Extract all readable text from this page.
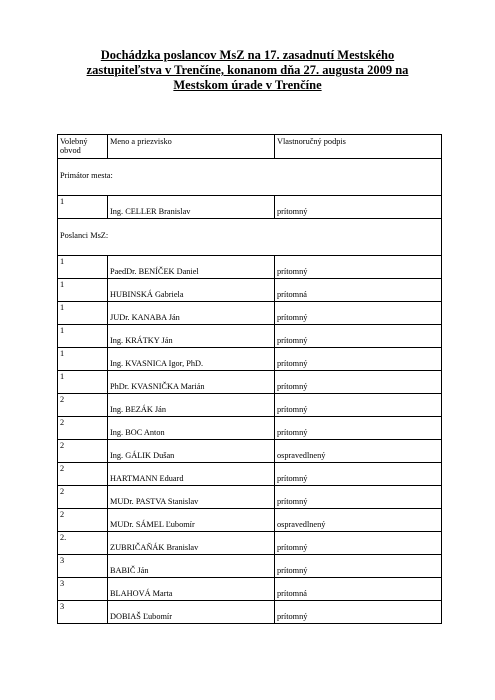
Dochádzka poslancov MsZ na 17. zasadnutí Mestského
zastupiteľstva v Trenčíne, konanom dňa 27. augusta 2009 na
Mestskom úrade v Trenčíne
Volebný obvod	Meno a priezvisko	Vlastnoručný podpis

Primátor mesta:		

1	Ing. CELLER Branislav	prítomný

Poslanci MsZ:		

1	PaedDr. BENÍČEK Daniel	prítomný

1	HUBINSKÁ Gabriela	prítomná

1	JUDr. KANABA Ján	prítomný

1	Ing. KRÁTKY Ján	prítomný

1	Ing. KVASNICA Igor, PhD.	prítomný

1	PhDr. KVASNIČKA Marián	prítomný

2	Ing. BEZÁK Ján	prítomný

2	Ing. BOC Anton	prítomný

2	Ing. GÁLIK Dušan	ospravedlnený

2	HARTMANN Eduard	prítomný

2	MUDr. PASTVA Stanislav	prítomný

2	MUDr. SÁMEL Ľubomír	ospravedlnený

2.	ZUBRIČAŇÁK Branislav	prítomný

3	BABIČ Ján	prítomný

3	BLAHOVÁ Marta	prítomná

3	DOBIAŠ Ľubomír	prítomný
